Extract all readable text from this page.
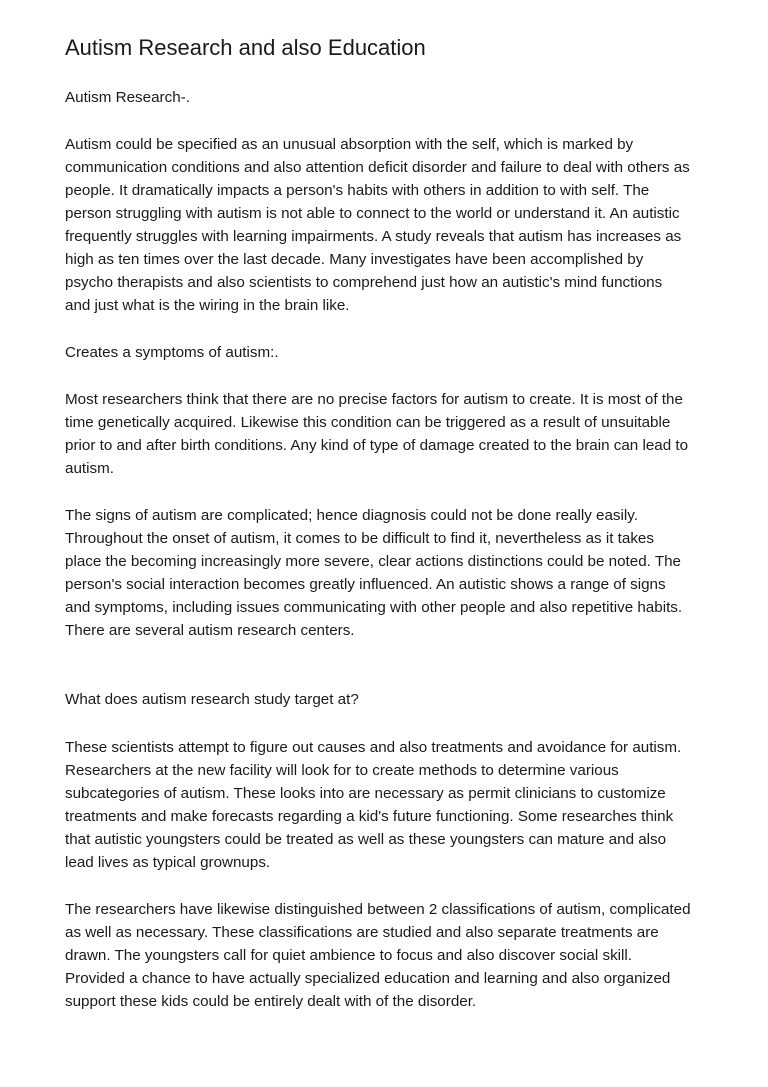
Autism Research and also Education

Autism Research-.

Autism could be specified as an unusual absorption with the self, which is marked by

communication conditions and also attention deficit disorder and failure to deal with others as

people. It dramatically impacts a person's habits with others in addition to with self. The

person struggling with autism is not able to connect to the world or understand it. An autistic

frequently struggles with learning impairments. A study reveals that autism has increases as

high as ten times over the last decade. Many investigates have been accomplished by

psycho therapists and also scientists to comprehend just how an autistic's mind functions

and just what is the wiring in the brain like.

Creates a symptoms of autism:.

Most researchers think that there are no precise factors for autism to create. It is most of the

time genetically acquired. Likewise this condition can be triggered as a result of unsuitable

prior to and after birth conditions. Any kind of type of damage created to the brain can lead to

autism.

The signs of autism are complicated; hence diagnosis could not be done really easily.

Throughout the onset of autism, it comes to be difficult to find it, nevertheless as it takes

place the becoming increasingly more severe, clear actions distinctions could be noted. The

person's social interaction becomes greatly influenced. An autistic shows a range of signs

and symptoms, including issues communicating with other people and also repetitive habits.

There are several autism research centers.

What does autism research study target at?

These scientists attempt to figure out causes and also treatments and avoidance for autism.

Researchers at the new facility will look for to create methods to determine various

subcategories of autism. These looks into are necessary as permit clinicians to customize

treatments and make forecasts regarding a kid's future functioning. Some researches think

that autistic youngsters could be treated as well as these youngsters can mature and also

lead lives as typical grownups.

The researchers have likewise distinguished between 2 classifications of autism, complicated

as well as necessary. These classifications are studied and also separate treatments are

drawn. The youngsters call for quiet ambience to focus and also discover social skill.

Provided a chance to have actually specialized education and learning and also organized

support these kids could be entirely dealt with of the disorder.
